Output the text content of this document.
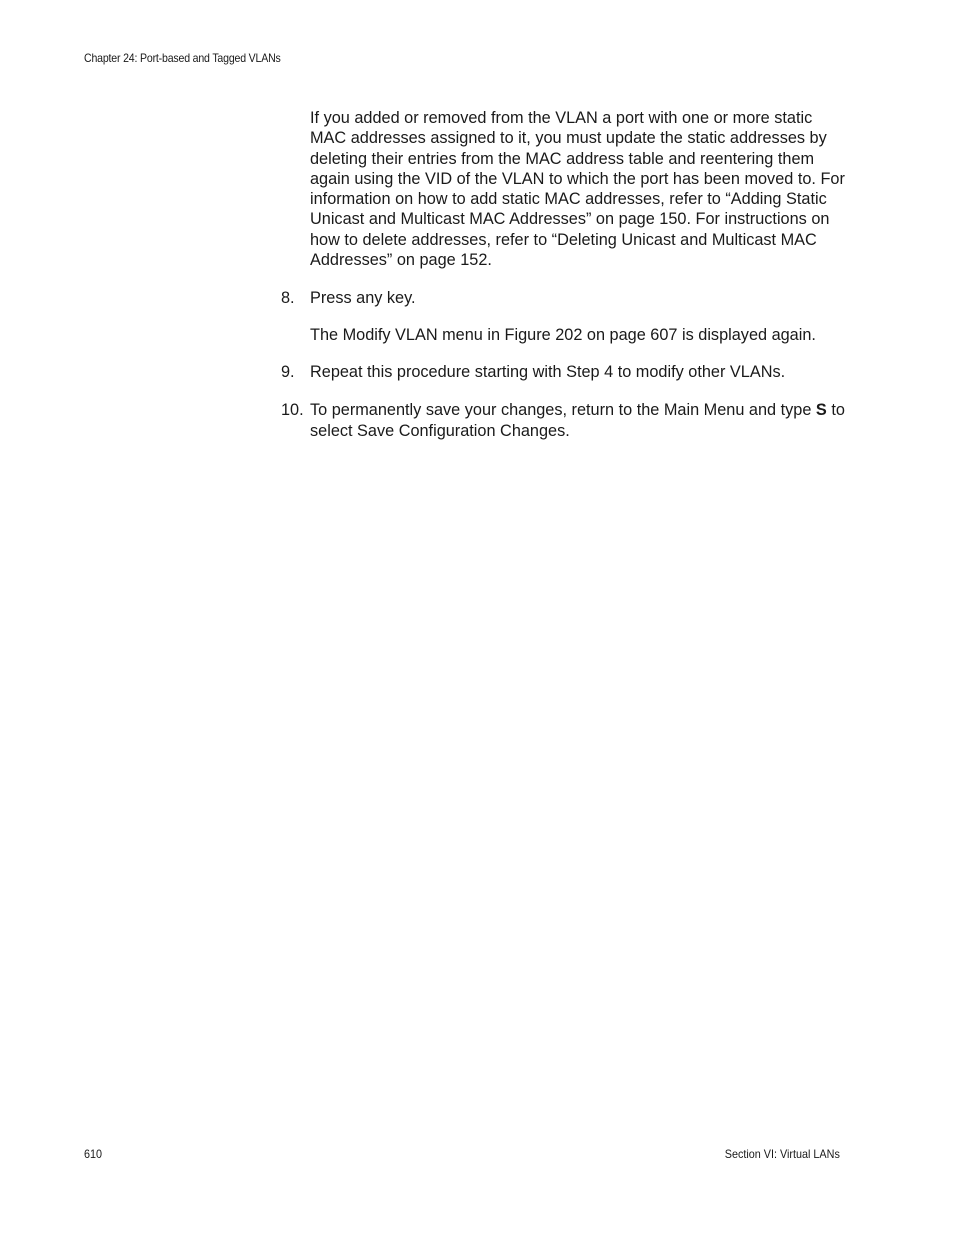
Chapter 24: Port-based and Tagged VLANs

If you added or removed from the VLAN a port with one or more static MAC addresses assigned to it, you must update the static addresses by deleting their entries from the MAC address table and reentering them again using the VID of the VLAN to which the port has been moved to. For information on how to add static MAC addresses, refer to “Adding Static Unicast and Multicast MAC Addresses” on page 150. For instructions on how to delete addresses, refer to “Deleting Unicast and Multicast MAC Addresses” on page 152.

8. Press any key.

The Modify VLAN menu in Figure 202 on page 607 is displayed again.

9. Repeat this procedure starting with Step 4 to modify other VLANs.
10. To permanently save your changes, return to the Main Menu and type S to select Save Configuration Changes.
610	Section VI: Virtual LANs
